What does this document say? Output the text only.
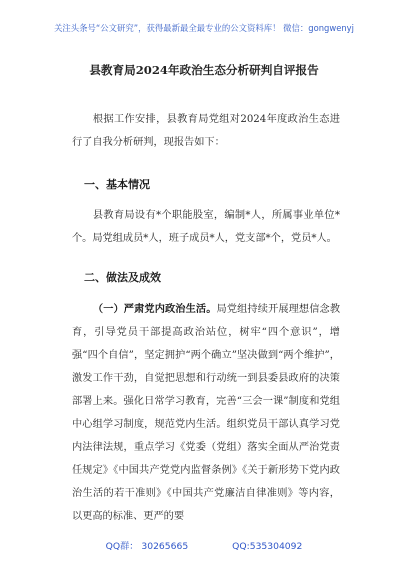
关注头条号“公文研究”，获得最新最全最专业的公文资料库！ 微信：gongwenyj
县教育局2024年政治生态分析研判自评报告

根据工作安排，县教育局党组对2024年度政治生态进行了自我分析研判，现报告如下：

一、基本情况

县教育局设有*个职能股室，编制*人，所属事业单位*个。局党组成员*人，班子成员*人，党支部*个，党员*人。

二、做法及成效

（一）严肃党内政治生活。局党组持续开展理想信念教育，引导党员干部提高政治站位，树牢“四个意识”，增强“四个自信”，坚定拥护“两个确立”坚决做到“两个维护”，激发工作干劲，自觉把思想和行动统一到县委县政府的决策部署上来。强化日常学习教育，完善“三会一课”制度和党组中心组学习制度，规范党内生活。组织党员干部认真学习党内法律法规，重点学习《党委（党组）落实全面从严治党责任规定》《中国共产党党内监督条例》《关于新形势下党内政治生活的若干准则》《中国共产党廉洁自律准则》等内容，以更高的标准、更严的要

QQ群： 30265665	QQ:535304092
